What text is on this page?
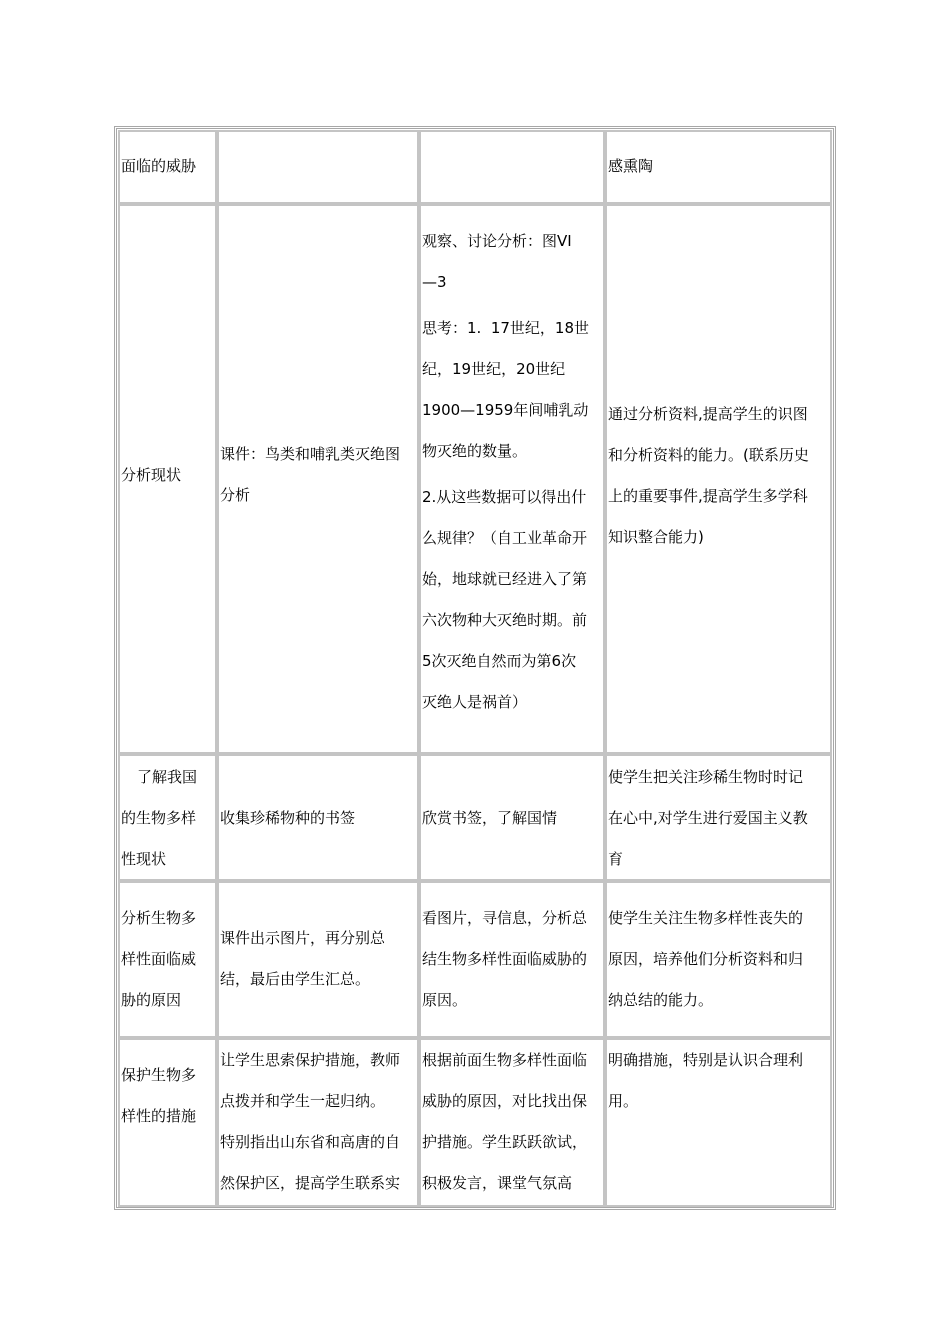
面临的威胁	感熏陶

分析现状

课件：鸟类和哺乳类灭绝图
分析

观察、讨论分析：图VI
—3

思考：1.  17世纪，18世
纪，19世纪，20世纪
1900—1959年间哺乳动
物灭绝的数量。

2.从这些数据可以得出什
么规律？（自工业革命开
始，地球就已经进入了第
六次物种大灭绝时期。前
5次灭绝自然而为第6次
灭绝人是祸首）

通过分析资料,提高学生的识图
和分析资料的能力。(联系历史
上的重要事件,提高学生多学科
知识整合能力)

了解我国
的生物多样
性现状

收集珍稀物种的书签	欣赏书签，了解国情

使学生把关注珍稀生物时时记
在心中,对学生进行爱国主义教
育

分析生物多
样性面临威
胁的原因

课件出示图片，再分别总
结，最后由学生汇总。

看图片，寻信息，分析总
结生物多样性面临威胁的
原因。

使学生关注生物多样性丧失的
原因，培养他们分析资料和归
纳总结的能力。

保护生物多
样性的措施

让学生思索保护措施，教师
点拨并和学生一起归纳。
特别指出山东省和高唐的自
然保护区，提高学生联系实

根据前面生物多样性面临
威胁的原因，对比找出保
护措施。学生跃跃欲试，
积极发言，课堂气氛高

明确措施，特别是认识合理利
用。
